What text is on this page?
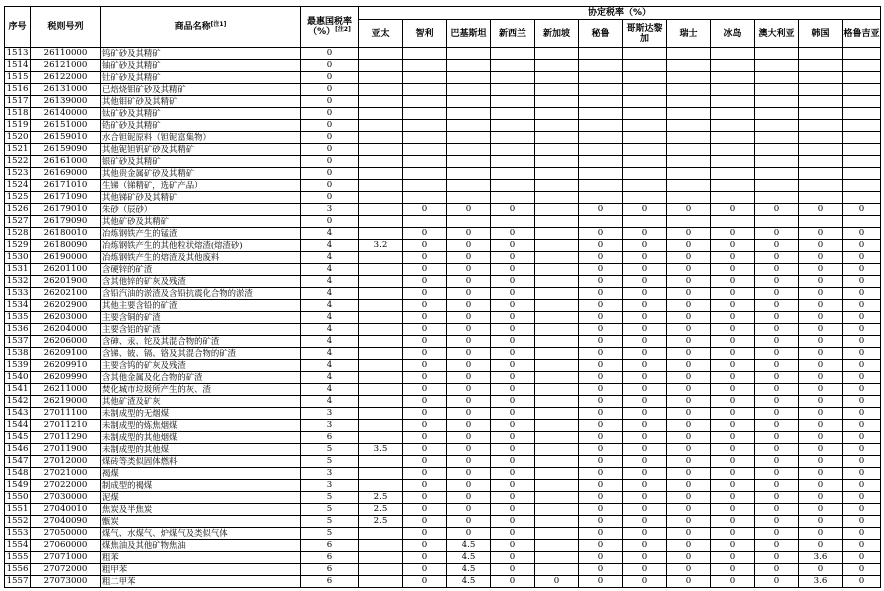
序号	税则号列	商品名称[注1]	最惠国税率（%）[注2]	协定税率（%）											
				亚太	智利	巴基斯坦	新西兰	新加坡	秘鲁	哥斯达黎加	瑞士	冰岛	澳大利亚	韩国	格鲁吉亚
1513	26110000	钨矿砂及其精矿	0												
1514	26121000	铀矿砂及其精矿	0												
1515	26122000	钍矿砂及其精矿	0												
1516	26131000	已焙烧钼矿砂及其精矿	0												
1517	26139000	其他钼矿砂及其精矿	0												
1518	26140000	钛矿砂及其精矿	0												
1519	26151000	锆矿砂及其精矿	0												
1520	26159010	水合钽铌原料（钽铌富集物）	0												
1521	26159090	其他铌钽钒矿砂及其精矿	0												
1522	26161000	银矿砂及其精矿	0												
1523	26169000	其他贵金属矿砂及其精矿	0												
1524	26171010	生锑（锑精矿，选矿产品）	0												
1525	26171090	其他锑矿砂及其精矿	0												
1526	26179010	朱砂（辰砂）	3		0	0	0		0	0	0	0	0	0	0
1527	26179090	其他矿砂及其精矿	0												
1528	26180010	冶炼钢铁产生的锰渣	4		0	0	0		0	0	0	0	0	0	0
1529	26180090	冶炼钢铁产生的其他粒状熔渣(熔渣砂)	4	3.2	0	0	0		0	0	0	0	0	0	0
1530	26190000	冶炼钢铁产生的熔渣及其他废料	4		0	0	0		0	0	0	0	0	0	0
1531	26201100	含硬锌的矿渣	4		0	0	0		0	0	0	0	0	0	0
1532	26201900	含其他锌的矿灰及残渣	4		0	0	0		0	0	0	0	0	0	0
1533	26202100	含铅汽油的淤渣及含铅抗震化合物的淤渣	4		0	0	0		0	0	0	0	0	0	0
1534	26202900	其他主要含铅的矿渣	4		0	0	0		0	0	0	0	0	0	0
1535	26203000	主要含铜的矿渣	4		0	0	0		0	0	0	0	0	0	0
1536	26204000	主要含铝的矿渣	4		0	0	0		0	0	0	0	0	0	0
1537	26206000	含砷、汞、铊及其混合物的矿渣	4		0	0	0		0	0	0	0	0	0	0
1538	26209100	含锑、铍、镉、铬及其混合物的矿渣	4		0	0	0		0	0	0	0	0	0	0
1539	26209910	主要含钨的矿灰及残渣	4		0	0	0		0	0	0	0	0	0	0
1540	26209990	含其他金属及化合物的矿渣	4		0	0	0		0	0	0	0	0	0	0
1541	26211000	焚化城市垃圾所产生的灰、渣	4		0	0	0		0	0	0	0	0	0	0
1542	26219000	其他矿渣及矿灰	4		0	0	0		0	0	0	0	0	0	0
1543	27011100	未制成型的无烟煤	3		0	0	0		0	0	0	0	0	0	0
1544	27011210	未制成型的炼焦烟煤	3		0	0	0		0	0	0	0	0	0	0
1545	27011290	未制成型的其他烟煤	6		0	0	0		0	0	0	0	0	0	0
1546	27011900	未制成型的其他煤	5	3.5	0	0	0		0	0	0	0	0	0	0
1547	27012000	煤砖等类似固体燃料	5		0	0	0		0	0	0	0	0	0	0
1548	27021000	褐煤	3		0	0	0		0	0	0	0	0	0	0
1549	27022000	制成型的褐煤	3		0	0	0		0	0	0	0	0	0	0
1550	27030000	泥煤	5	2.5	0	0	0		0	0	0	0	0	0	0
1551	27040010	焦炭及半焦炭	5	2.5	0	0	0		0	0	0	0	0	0	0
1552	27040090	甑炭	5	2.5	0	0	0		0	0	0	0	0	0	0
1553	27050000	煤气、水煤气、炉煤气及类似气体	5		0	0	0		0	0	0	0	0	0	0
1554	27060000	煤焦油及其他矿物焦油	6		0	4.5	0		0	0	0	0	0	0	0
1555	27071000	粗苯	6		0	4.5	0		0	0	0	0	0	3.6	0
1556	27072000	粗甲苯	6		0	4.5	0		0	0	0	0	0	0	0
1557	27073000	粗二甲苯	6		0	4.5	0	0	0	0	0	0	0	3.6	0
